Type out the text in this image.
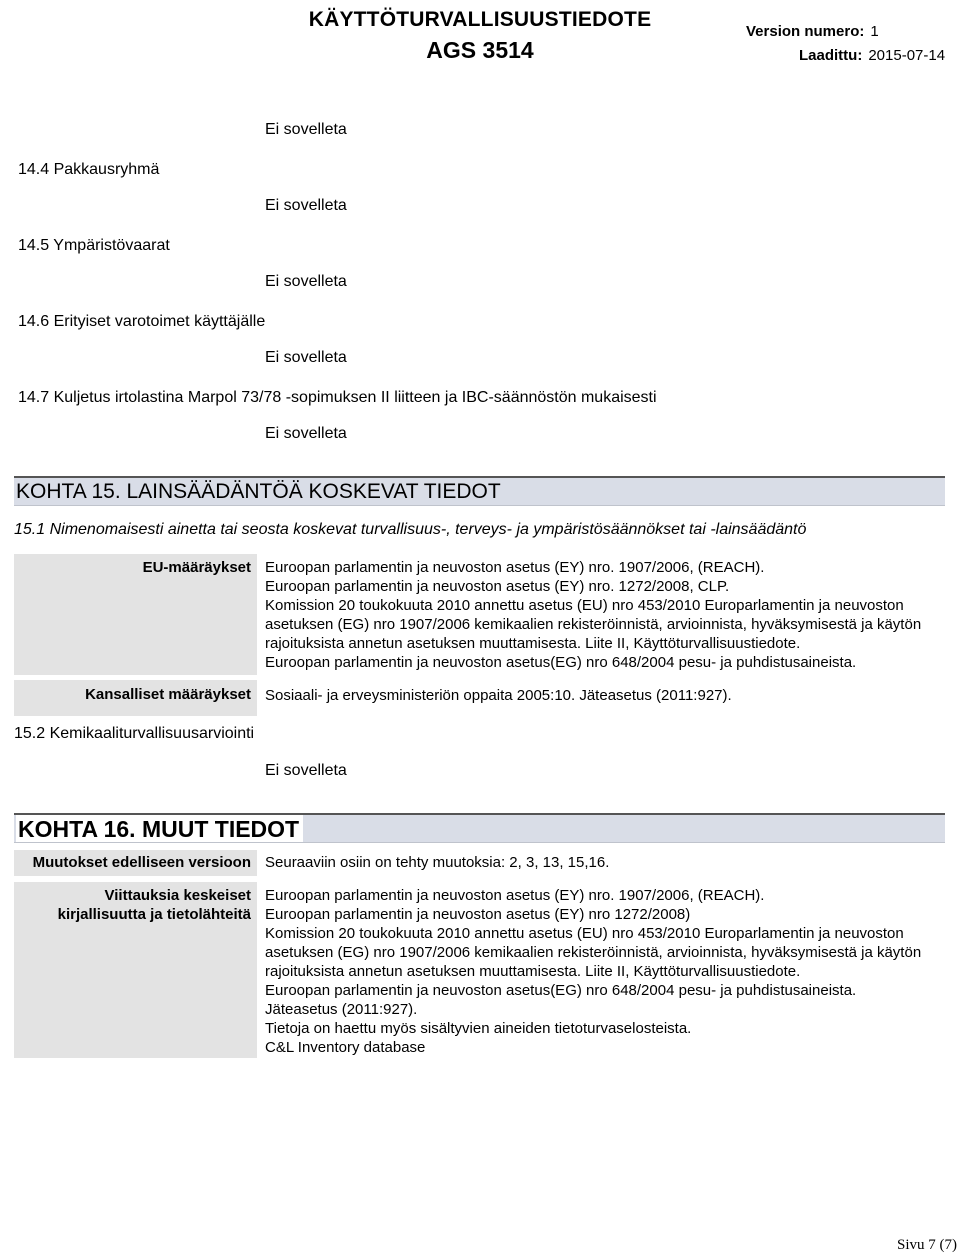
KÄYTTÖTURVALLISUUSTIEDOTE
AGS 3514
Version numero: 1
Laadittu: 2015-07-14
Ei sovelleta
14.4 Pakkausryhmä
Ei sovelleta
14.5 Ympäristövaarat
Ei sovelleta
14.6 Erityiset varotoimet käyttäjälle
Ei sovelleta
14.7 Kuljetus irtolastina Marpol 73/78 -sopimuksen II liitteen ja IBC-säännöstön mukaisesti
Ei sovelleta
KOHTA 15. LAINSÄÄDÄNTÖÄ KOSKEVAT TIEDOT
15.1 Nimenomaisesti ainetta tai seosta koskevat turvallisuus-, terveys- ja ympäristösäännökset tai -lainsäädäntö
EU-määräykset Euroopan parlamentin ja neuvoston asetus (EY) nro. 1907/2006, (REACH).
Euroopan parlamentin ja neuvoston asetus (EY) nro. 1272/2008, CLP.
Komission 20 toukokuuta 2010 annettu asetus (EU) nro 453/2010 Europarlamentin ja neuvoston
asetuksen (EG) nro 1907/2006 kemikaalien rekisteröinnistä, arvioinnista, hyväksymisestä ja käytön
rajoituksista annetun asetuksen muuttamisesta. Liite II, Käyttöturvallisuustiedote.
Euroopan parlamentin ja neuvoston asetus(EG) nro 648/2004 pesu- ja puhdistusaineista.
Kansalliset määräykset Sosiaali- ja erveysministeriön oppaita 2005:10. Jäteasetus (2011:927).
15.2 Kemikaaliturvallisuusarviointi
Ei sovelleta
KOHTA 16. MUUT TIEDOT
Muutokset edelliseen versioon Seuraaviin osiin on tehty muutoksia: 2, 3, 13, 15,16.
Viittauksia keskeiset
kirjallisuutta ja tietolähteitä
Euroopan parlamentin ja neuvoston asetus (EY) nro. 1907/2006, (REACH).
Euroopan parlamentin ja neuvoston asetus (EY) nro 1272/2008)
Komission 20 toukokuuta 2010 annettu asetus (EU) nro 453/2010 Europarlamentin ja neuvoston
asetuksen (EG) nro 1907/2006 kemikaalien rekisteröinnistä, arvioinnista, hyväksymisestä ja käytön
rajoituksista annetun asetuksen muuttamisesta. Liite II, Käyttöturvallisuustiedote.
Euroopan parlamentin ja neuvoston asetus(EG) nro 648/2004 pesu- ja puhdistusaineista.
Jäteasetus (2011:927).
Tietoja on haettu myös sisältyvien aineiden tietoturvaselosteista.
C&L Inventory database
Sivu 7 (7)
